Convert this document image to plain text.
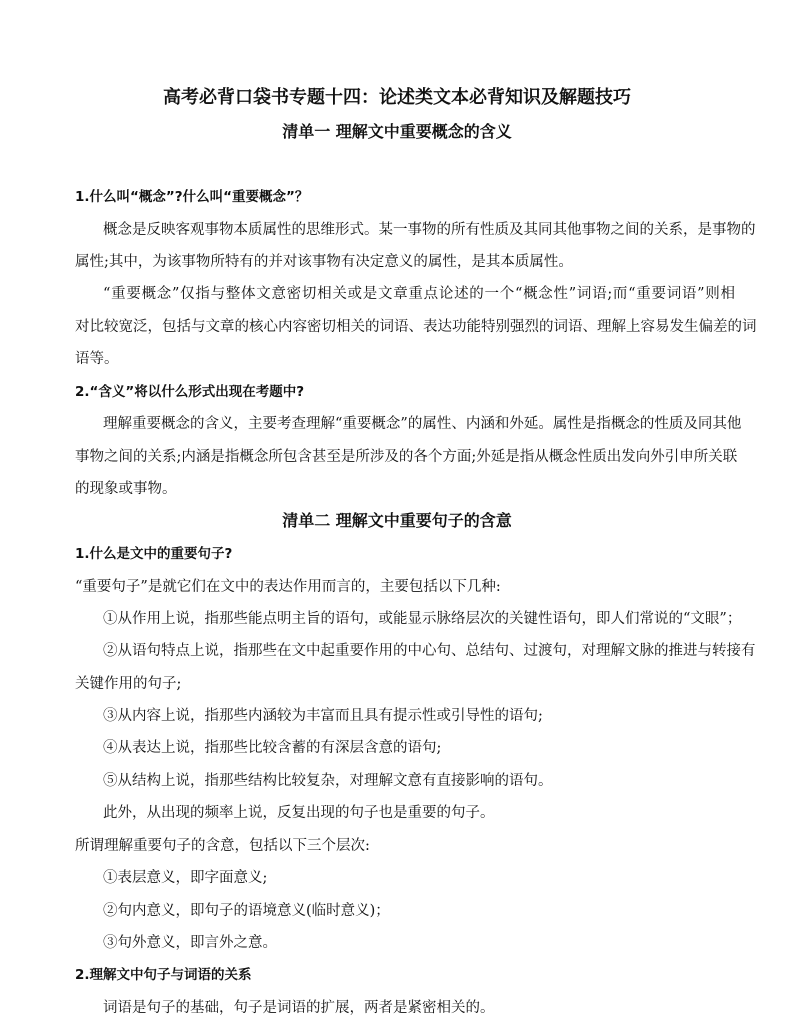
高考必背口袋书专题十四：论述类文本必背知识及解题技巧
清单一 理解文中重要概念的含义
1.什么叫“概念”?什么叫“重要概念”？
概念是反映客观事物本质属性的思维形式。某一事物的所有性质及其同其他事物之间的关系，是事物的
属性;其中，为该事物所特有的并对该事物有决定意义的属性，是其本质属性。
“重要概念”仅指与整体文意密切相关或是文章重点论述的一个“概念性”词语;而“重要词语”则相
对比较宽泛，包括与文章的核心内容密切相关的词语、表达功能特别强烈的词语、理解上容易发生偏差的词
语等。
2.“含义”将以什么形式出现在考题中?
理解重要概念的含义，主要考查理解“重要概念”的属性、内涵和外延。属性是指概念的性质及同其他
事物之间的关系;内涵是指概念所包含甚至是所涉及的各个方面;外延是指从概念性质出发向外引申所关联
的现象或事物。
清单二 理解文中重要句子的含意
1.什么是文中的重要句子?
“重要句子”是就它们在文中的表达作用而言的，主要包括以下几种:
①从作用上说，指那些能点明主旨的语句，或能显示脉络层次的关键性语句，即人们常说的“文眼”；
②从语句特点上说，指那些在文中起重要作用的中心句、总结句、过渡句，对理解文脉的推进与转接有
关键作用的句子;
③从内容上说，指那些内涵较为丰富而且具有提示性或引导性的语句;
④从表达上说，指那些比较含蓄的有深层含意的语句;
⑤从结构上说，指那些结构比较复杂，对理解文意有直接影响的语句。
此外，从出现的频率上说，反复出现的句子也是重要的句子。
所谓理解重要句子的含意，包括以下三个层次:
①表层意义，即字面意义;
②句内意义，即句子的语境意义(临时意义)；
③句外意义，即言外之意。
2.理解文中句子与词语的关系
词语是句子的基础，句子是词语的扩展，两者是紧密相关的。
